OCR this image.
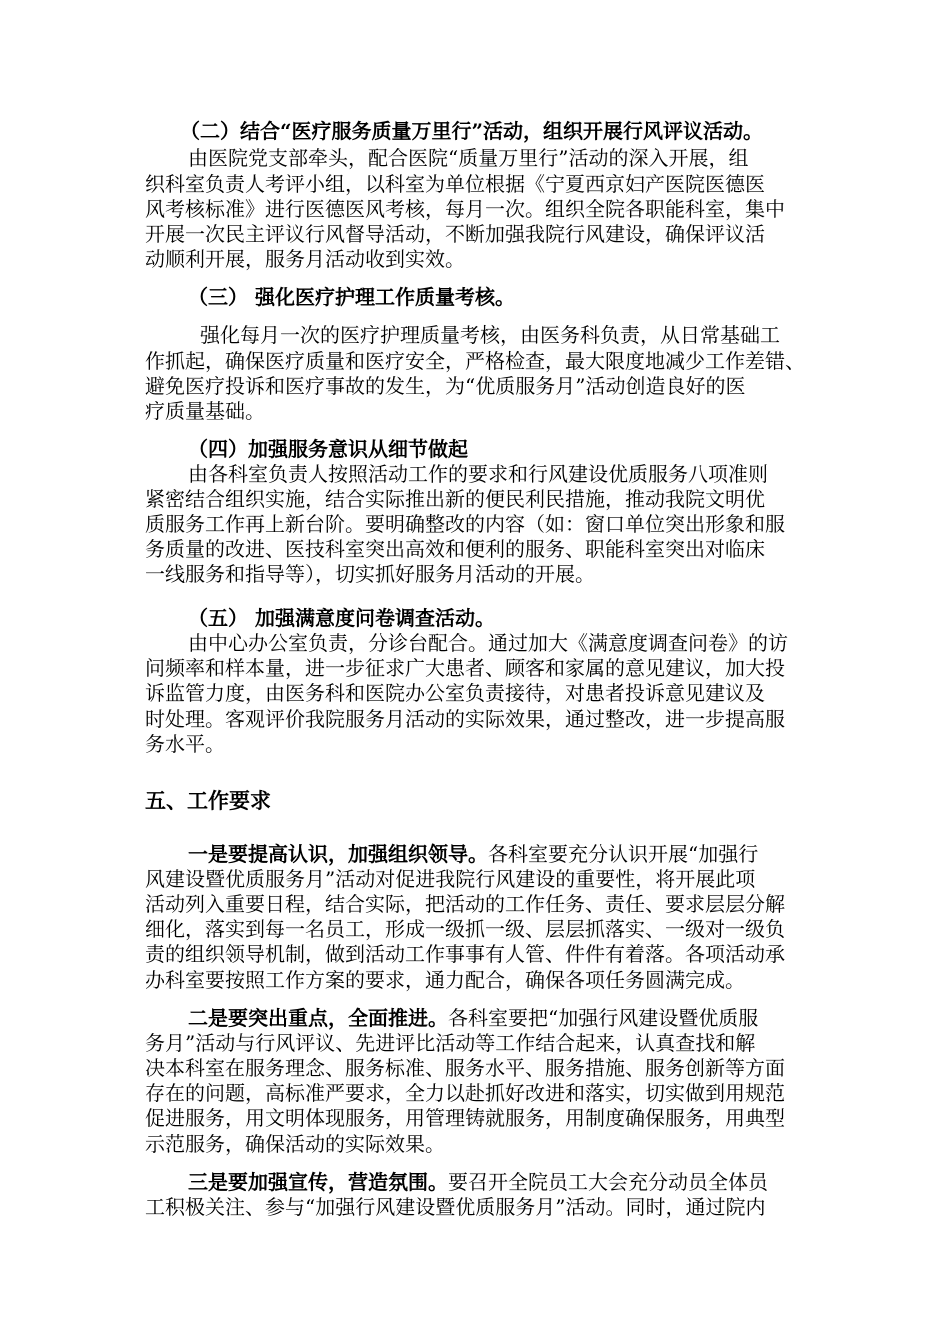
（二）结合“医疗服务质量万里行”活动，组织开展行风评议活动。
由医院党支部牵头，配合医院“质量万里行”活动的深入开展，组
织科室负责人考评小组，以科室为单位根据《宁夏西京妇产医院医德医
风考核标准》进行医德医风考核，每月一次。组织全院各职能科室，集中
开展一次民主评议行风督导活动，不断加强我院行风建设，确保评议活
动顺利开展，服务月活动收到实效。
（三） 强化医疗护理工作质量考核。
强化每月一次的医疗护理质量考核，由医务科负责，从日常基础工
作抓起，确保医疗质量和医疗安全，严格检查，最大限度地减少工作差错、
避免医疗投诉和医疗事故的发生，为“优质服务月”活动创造良好的医
疗质量基础。
（四）加强服务意识从细节做起
由各科室负责人按照活动工作的要求和行风建设优质服务八项准则
紧密结合组织实施，结合实际推出新的便民利民措施，推动我院文明优
质服务工作再上新台阶。要明确整改的内容（如：窗口单位突出形象和服
务质量的改进、医技科室突出高效和便利的服务、职能科室突出对临床
一线服务和指导等），切实抓好服务月活动的开展。
（五） 加强满意度问卷调查活动。
由中心办公室负责，分诊台配合。通过加大《满意度调查问卷》的访
问频率和样本量，进一步征求广大患者、顾客和家属的意见建议，加大投
诉监管力度，由医务科和医院办公室负责接待，对患者投诉意见建议及
时处理。客观评价我院服务月活动的实际效果，通过整改，进一步提高服
务水平。
五、工作要求
一是要提高认识，加强组织领导。各科室要充分认识开展“加强行
风建设暨优质服务月”活动对促进我院行风建设的重要性，将开展此项
活动列入重要日程，结合实际，把活动的工作任务、责任、要求层层分解
细化，落实到每一名员工，形成一级抓一级、层层抓落实、一级对一级负
责的组织领导机制，做到活动工作事事有人管、件件有着落。各项活动承
办科室要按照工作方案的要求，通力配合，确保各项任务圆满完成。
二是要突出重点，全面推进。各科室要把“加强行风建设暨优质服
务月”活动与行风评议、先进评比活动等工作结合起来，认真查找和解
决本科室在服务理念、服务标准、服务水平、服务措施、服务创新等方面
存在的问题，高标准严要求，全力以赴抓好改进和落实，切实做到用规范
促进服务，用文明体现服务，用管理铸就服务，用制度确保服务，用典型
示范服务，确保活动的实际效果。
三是要加强宣传，营造氛围。要召开全院员工大会充分动员全体员
工积极关注、参与“加强行风建设暨优质服务月”活动。同时，通过院内
